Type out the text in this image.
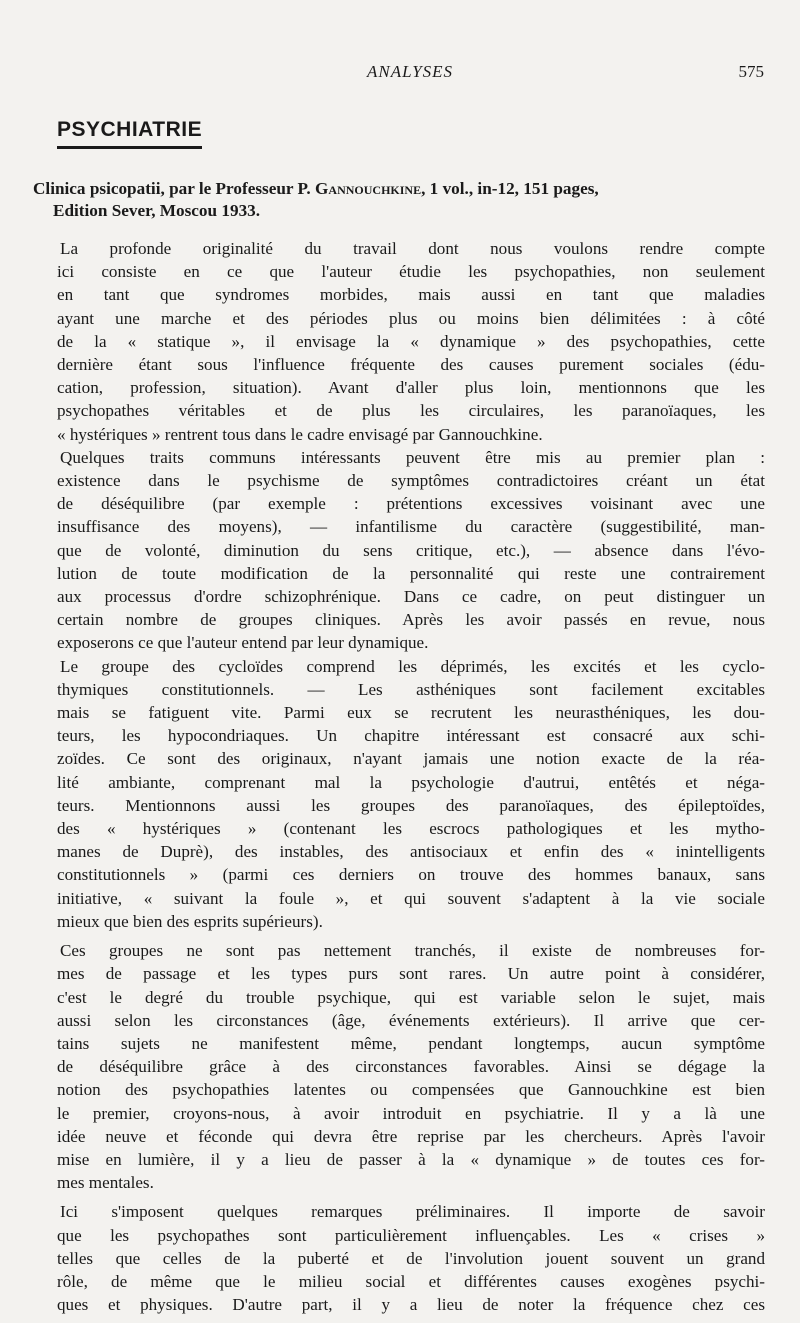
ANALYSES	575
PSYCHIATRIE
Clinica psicopatii, par le Professeur P. Gannouchkine, 1 vol., in-12, 151 pages,
Edition Sever, Moscou 1933.
La profonde originalité du travail dont nous voulons rendre compte
ici consiste en ce que l'auteur étudie les psychopathies, non seulement
en tant que syndromes morbides, mais aussi en tant que maladies
ayant une marche et des périodes plus ou moins bien délimitées : à côté
de la « statique », il envisage la « dynamique » des psychopathies, cette
dernière étant sous l'influence fréquente des causes purement sociales (édu-
cation, profession, situation). Avant d'aller plus loin, mentionnons que les
psychopathes véritables et de plus les circulaires, les paranoïaques, les
« hystériques » rentrent tous dans le cadre envisagé par Gannouchkine.
Quelques traits communs intéressants peuvent être mis au premier plan :
existence dans le psychisme de symptômes contradictoires créant un état
de déséquilibre (par exemple : prétentions excessives voisinant avec une
insuffisance des moyens), — infantilisme du caractère (suggestibilité, man-
que de volonté, diminution du sens critique, etc.), — absence dans l'évo-
lution de toute modification de la personnalité qui reste une contrairement
aux processus d'ordre schizophrénique. Dans ce cadre, on peut distinguer un
certain nombre de groupes cliniques. Après les avoir passés en revue, nous
exposerons ce que l'auteur entend par leur dynamique.
Le groupe des cycloïdes comprend les déprimés, les excités et les cyclo-
thymiques constitutionnels. — Les asthéniques sont facilement excitables
mais se fatiguent vite. Parmi eux se recrutent les neurasthéniques, les dou-
teurs, les hypocondriaques. Un chapitre intéressant est consacré aux schi-
zoïdes. Ce sont des originaux, n'ayant jamais une notion exacte de la réa-
lité ambiante, comprenant mal la psychologie d'autrui, entêtés et néga-
teurs. Mentionnons aussi les groupes des paranoïaques, des épileptoïdes,
des « hystériques » (contenant les escrocs pathologiques et les mytho-
manes de Duprè), des instables, des antisociaux et enfin des « inintelligents
constitutionnels » (parmi ces derniers on trouve des hommes banaux, sans
initiative, « suivant la foule », et qui souvent s'adaptent à la vie sociale
mieux que bien des esprits supérieurs).
Ces groupes ne sont pas nettement tranchés, il existe de nombreuses for-
mes de passage et les types purs sont rares. Un autre point à considérer,
c'est le degré du trouble psychique, qui est variable selon le sujet, mais
aussi selon les circonstances (âge, événements extérieurs). Il arrive que cer-
tains sujets ne manifestent même, pendant longtemps, aucun symptôme
de déséquilibre grâce à des circonstances favorables. Ainsi se dégage la
notion des psychopathies latentes ou compensées que Gannouchkine est bien
le premier, croyons-nous, à avoir introduit en psychiatrie. Il y a là une
idée neuve et féconde qui devra être reprise par les chercheurs. Après l'avoir
mise en lumière, il y a lieu de passer à la « dynamique » de toutes ces for-
mes mentales.
Ici s'imposent quelques remarques préliminaires. Il importe de savoir
que les psychopathes sont particulièrement influençables. Les « crises »
telles que celles de la puberté et de l'involution jouent souvent un grand
rôle, de même que le milieu social et différentes causes exogènes psychi-
ques et physiques. D'autre part, il y a lieu de noter la fréquence chez ces
